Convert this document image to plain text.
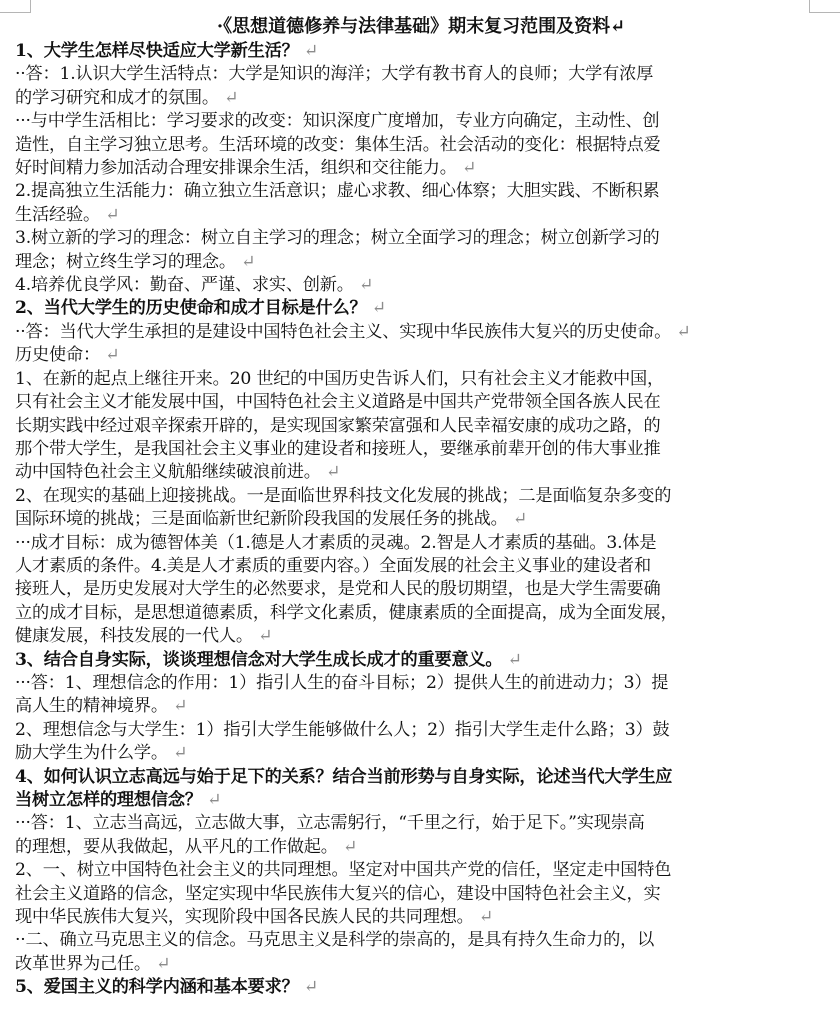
·《思想道德修养与法律基础》期末复习范围及资料↵
1、大学生怎样尽快适应大学新生活？ ↵
··答：1.认识大学生活特点：大学是知识的海洋；大学有教书育人的良师；大学有浓厚
的学习研究和成才的氛围。 ↵
···与中学生活相比：学习要求的改变：知识深度广度增加，专业方向确定，主动性、创
造性，自主学习独立思考。生活环境的改变：集体生活。社会活动的变化：根据特点爱
好时间精力参加活动合理安排课余生活，组织和交往能力。 ↵
2.提高独立生活能力：确立独立生活意识；虚心求教、细心体察；大胆实践、不断积累
生活经验。 ↵
3.树立新的学习的理念：树立自主学习的理念；树立全面学习的理念；树立创新学习的
理念；树立终生学习的理念。 ↵
4.培养优良学风：勤奋、严谨、求实、创新。 ↵
2、当代大学生的历史使命和成才目标是什么？ ↵
··答：当代大学生承担的是建设中国特色社会主义、实现中华民族伟大复兴的历史使命。 ↵
历史使命： ↵
1、在新的起点上继往开来。20 世纪的中国历史告诉人们，只有社会主义才能救中国，
只有社会主义才能发展中国，中国特色社会主义道路是中国共产党带领全国各族人民在
长期实践中经过艰辛探索开辟的，是实现国家繁荣富强和人民幸福安康的成功之路，的
那个带大学生，是我国社会主义事业的建设者和接班人，要继承前辈开创的伟大事业推
动中国特色社会主义航船继续破浪前进。 ↵
2、在现实的基础上迎接挑战。一是面临世界科技文化发展的挑战；二是面临复杂多变的
国际环境的挑战；三是面临新世纪新阶段我国的发展任务的挑战。 ↵
···成才目标：成为德智体美（1.德是人才素质的灵魂。2.智是人才素质的基础。3.体是
人才素质的条件。4.美是人才素质的重要内容。）全面发展的社会主义事业的建设者和
接班人，是历史发展对大学生的必然要求，是党和人民的殷切期望，也是大学生需要确
立的成才目标，是思想道德素质，科学文化素质，健康素质的全面提高，成为全面发展，
健康发展，科技发展的一代人。 ↵
3、结合自身实际，谈谈理想信念对大学生成长成才的重要意义。 ↵
···答：1、理想信念的作用：1）指引人生的奋斗目标；2）提供人生的前进动力；3）提
高人生的精神境界。 ↵
2、理想信念与大学生：1）指引大学生能够做什么人；2）指引大学生走什么路；3）鼓
励大学生为什么学。 ↵
4、如何认识立志高远与始于足下的关系？结合当前形势与自身实际，论述当代大学生应
当树立怎样的理想信念？ ↵
···答：1、立志当高远，立志做大事，立志需躬行，“千里之行，始于足下。”实现崇高
的理想，要从我做起，从平凡的工作做起。 ↵
2、一、树立中国特色社会主义的共同理想。坚定对中国共产党的信任，坚定走中国特色
社会主义道路的信念，坚定实现中华民族伟大复兴的信心，建设中国特色社会主义，实
现中华民族伟大复兴，实现阶段中国各民族人民的共同理想。 ↵
··二、确立马克思主义的信念。马克思主义是科学的崇高的，是具有持久生命力的，以
改革世界为己任。 ↵
5、爱国主义的科学内涵和基本要求？ ↵
